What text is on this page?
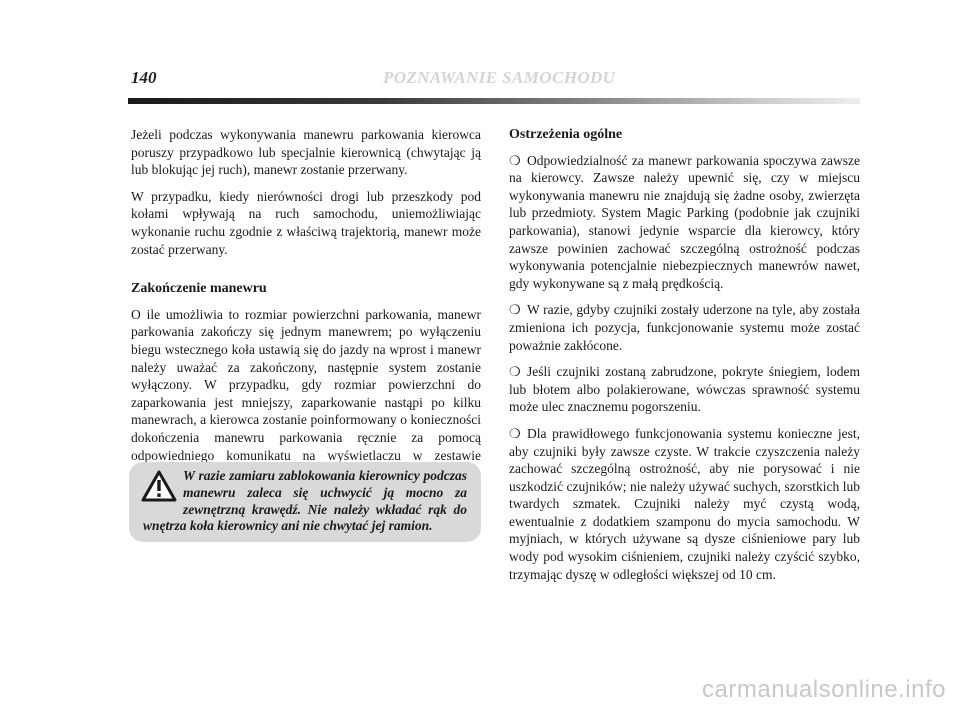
140	POZNAWANIE SAMOCHODU

Jeżeli podczas wykonywania manewru parkowania kierowca poruszy przypadkowo lub specjalnie kierownicą (chwytając ją lub blokując jej ruch), manewr zostanie przerwany.

W przypadku, kiedy nierówności drogi lub przeszkody pod kołami wpływają na ruch samochodu, uniemożliwiając wykonanie ruchu zgodnie z właściwą trajektorią, manewr może zostać przerwany.

Zakończenie manewru

O ile umożliwia to rozmiar powierzchni parkowania, manewr parkowania zakończy się jednym manewrem; po wyłączeniu biegu wstecznego koła ustawią się do jazdy na wprost i manewr należy uważać za zakończony, następnie system zostanie wyłączony. W przypadku, gdy rozmiar powierzchni do zaparkowania jest mniejszy, zaparkowanie nastąpi po kilku manewrach, a kierowca zostanie poinformowany o konieczności dokończenia manewru parkowania ręcznie za pomocą odpowiedniego komunikatu na wyświetlaczu w zestawie

W razie zamiaru zablokowania kierownicy podczas manewru zaleca się uchwycić ją mocno za zewnętrzną krawędź. Nie należy wkładać rąk do wnętrza koła kierownicy ani nie chwytać jej ramion.
Ostrzeżenia ogólne

❍ Odpowiedzialność za manewr parkowania spoczywa zawsze na kierowcy. Zawsze należy upewnić się, czy w miejscu wykonywania manewru nie znajdują się żadne osoby, zwierzęta lub przedmioty. System Magic Parking (podobnie jak czujniki parkowania), stanowi jedynie wsparcie dla kierowcy, który zawsze powinien zachować szczególną ostrożność podczas wykonywania potencjalnie niebezpiecznych manewrów nawet, gdy wykonywane są z małą prędkością.

❍ W razie, gdyby czujniki zostały uderzone na tyle, aby została zmieniona ich pozycja, funkcjonowanie systemu może zostać poważnie zakłócone.

❍ Jeśli czujniki zostaną zabrudzone, pokryte śniegiem, lodem lub błotem albo polakierowane, wówczas sprawność systemu może ulec znacznemu pogorszeniu.

❍ Dla prawidłowego funkcjonowania systemu konieczne jest, aby czujniki były zawsze czyste. W trakcie czyszczenia należy zachować szczególną ostrożność, aby nie porysować i nie uszkodzić czujników; nie należy używać suchych, szorstkich lub twardych szmatek. Czujniki należy myć czystą wodą, ewentualnie z dodatkiem szamponu do mycia samochodu. W myjniach, w których używane są dysze ciśnieniowe pary lub wody pod wysokim ciśnieniem, czujniki należy czyścić szybko, trzymając dyszę w odległości większej od 10 cm.

carmanualsonline.info
